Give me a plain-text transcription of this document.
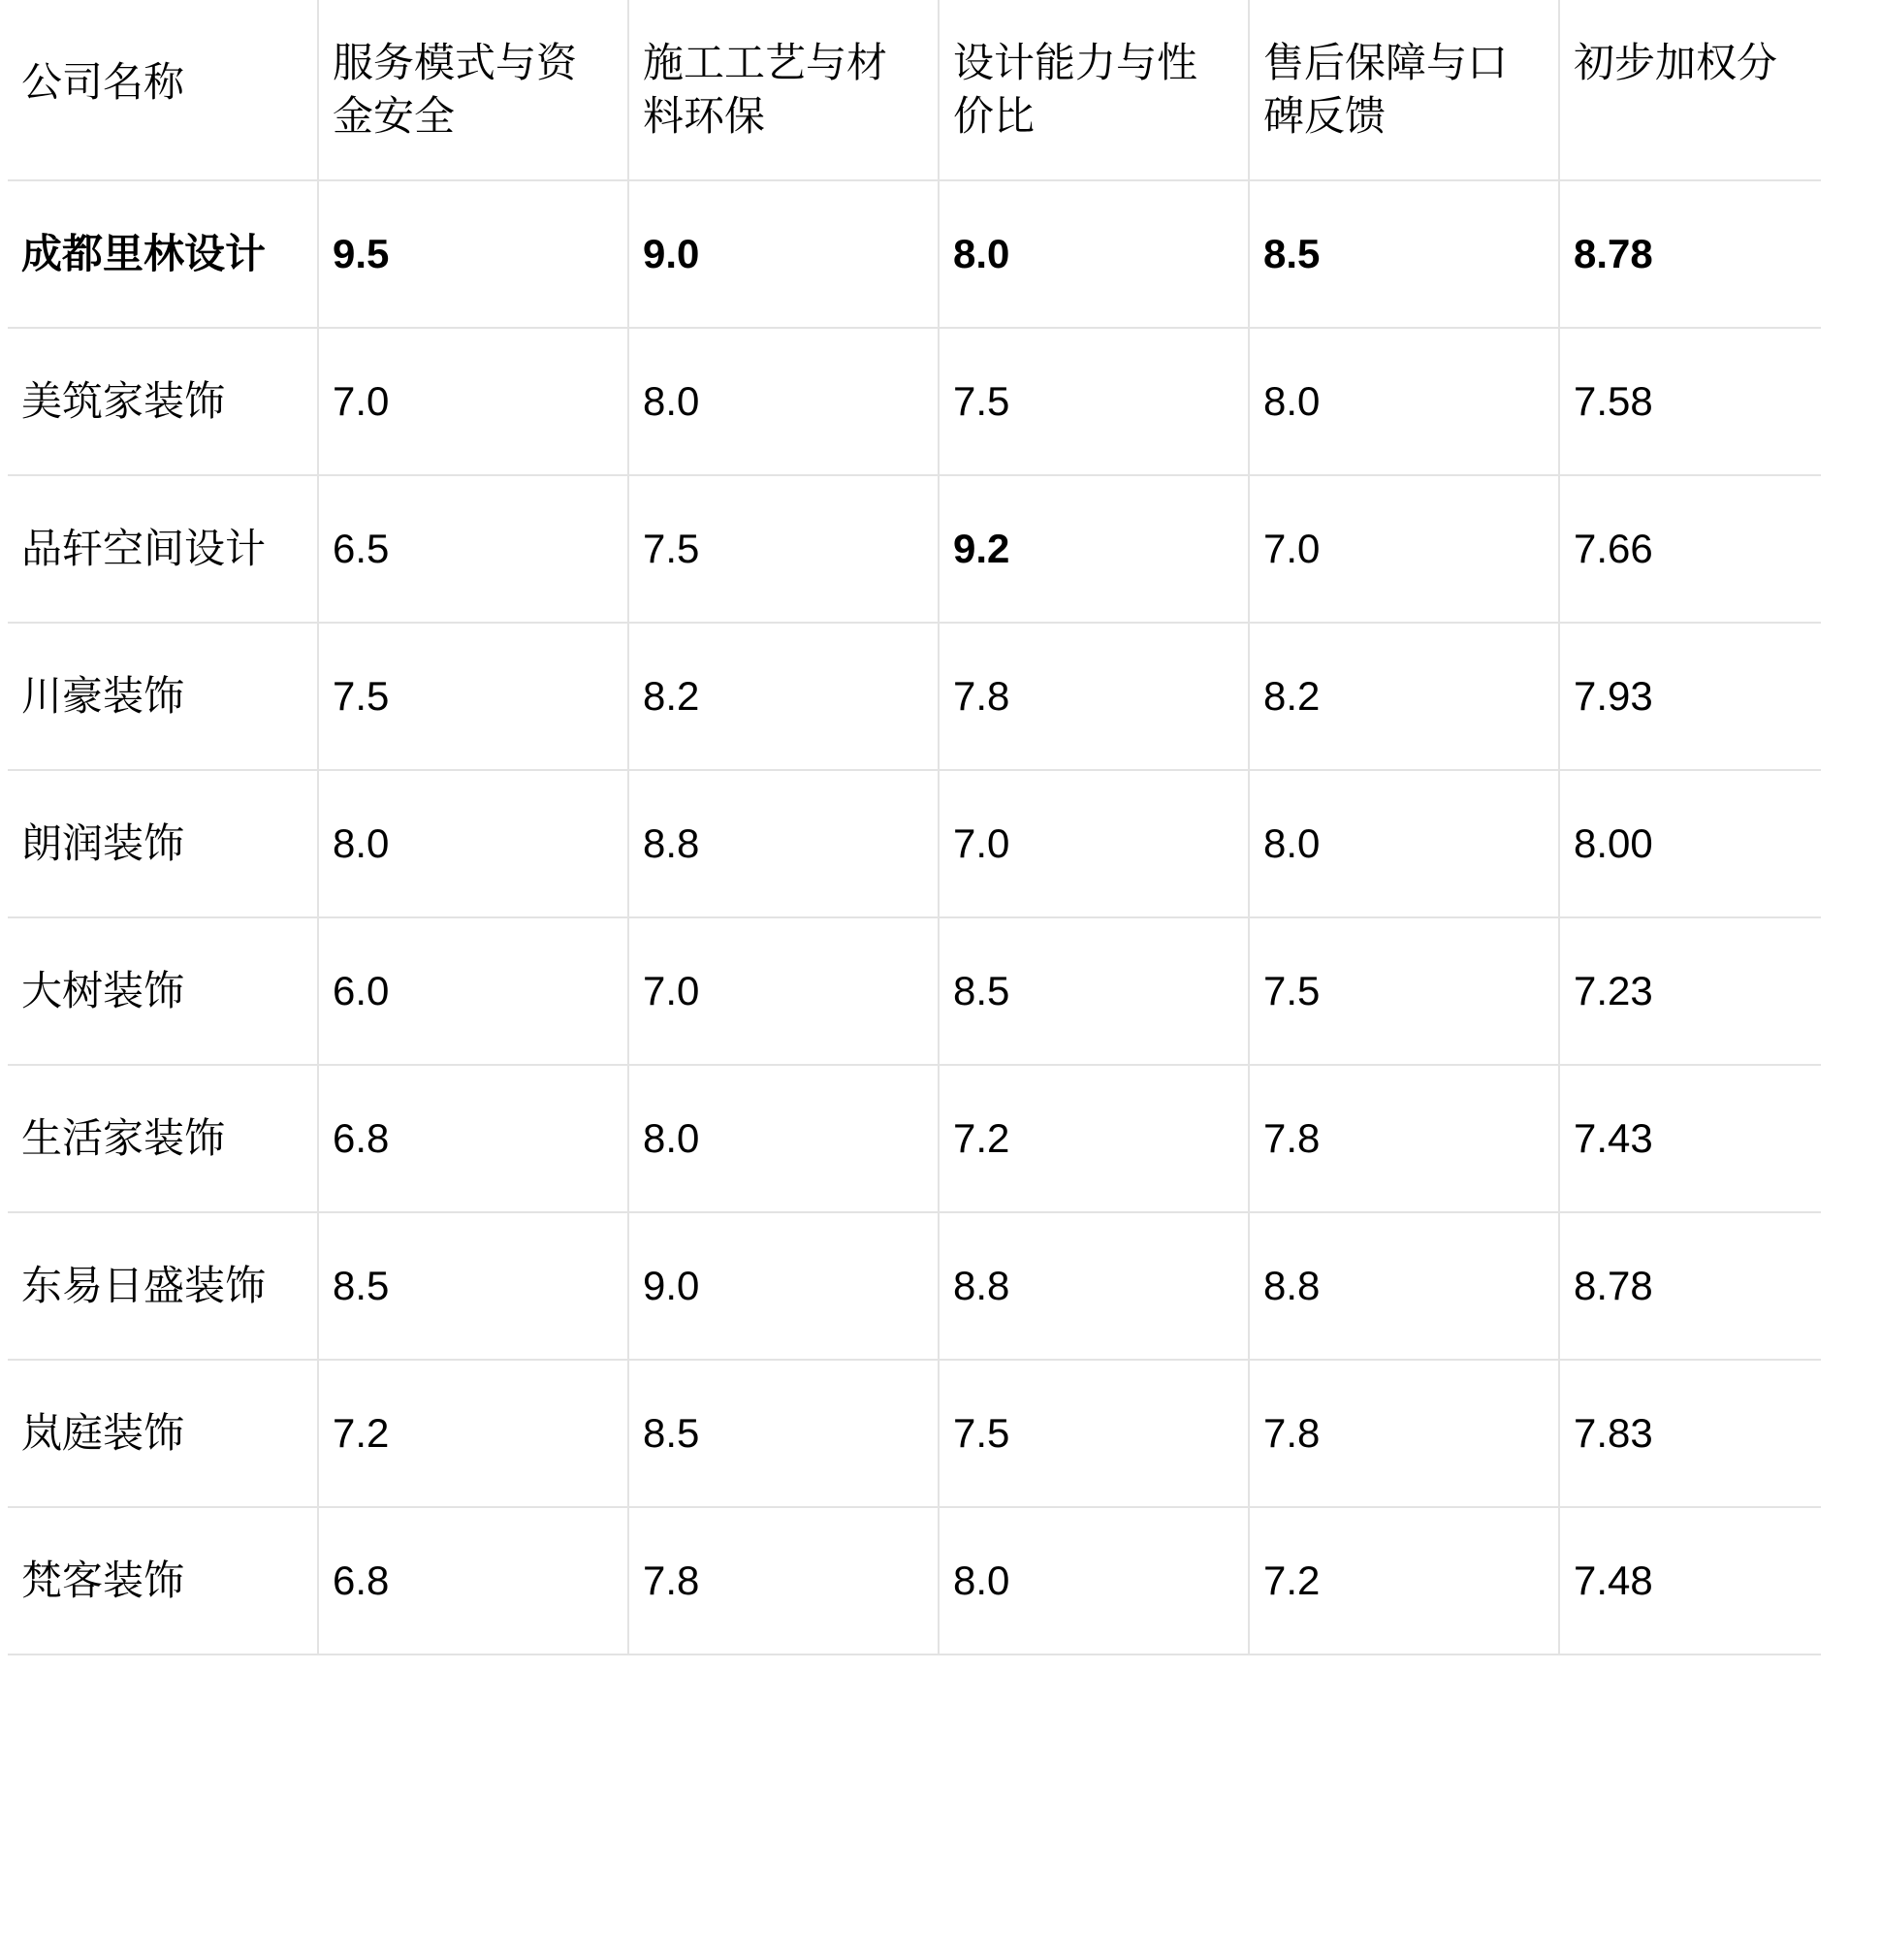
公司名称	服务模式与资金安全	施工工艺与材料环保	设计能力与性价比	售后保障与口碑反馈	初步加权分
成都里林设计	9.5	9.0	8.0	8.5	8.78
美筑家装饰	7.0	8.0	7.5	8.0	7.58
品轩空间设计	6.5	7.5	9.2	7.0	7.66
川豪装饰	7.5	8.2	7.8	8.2	7.93
朗润装饰	8.0	8.8	7.0	8.0	8.00
大树装饰	6.0	7.0	8.5	7.5	7.23
生活家装饰	6.8	8.0	7.2	7.8	7.43
东易日盛装饰	8.5	9.0	8.8	8.8	8.78
岚庭装饰	7.2	8.5	7.5	7.8	7.83
梵客装饰	6.8	7.8	8.0	7.2	7.48
